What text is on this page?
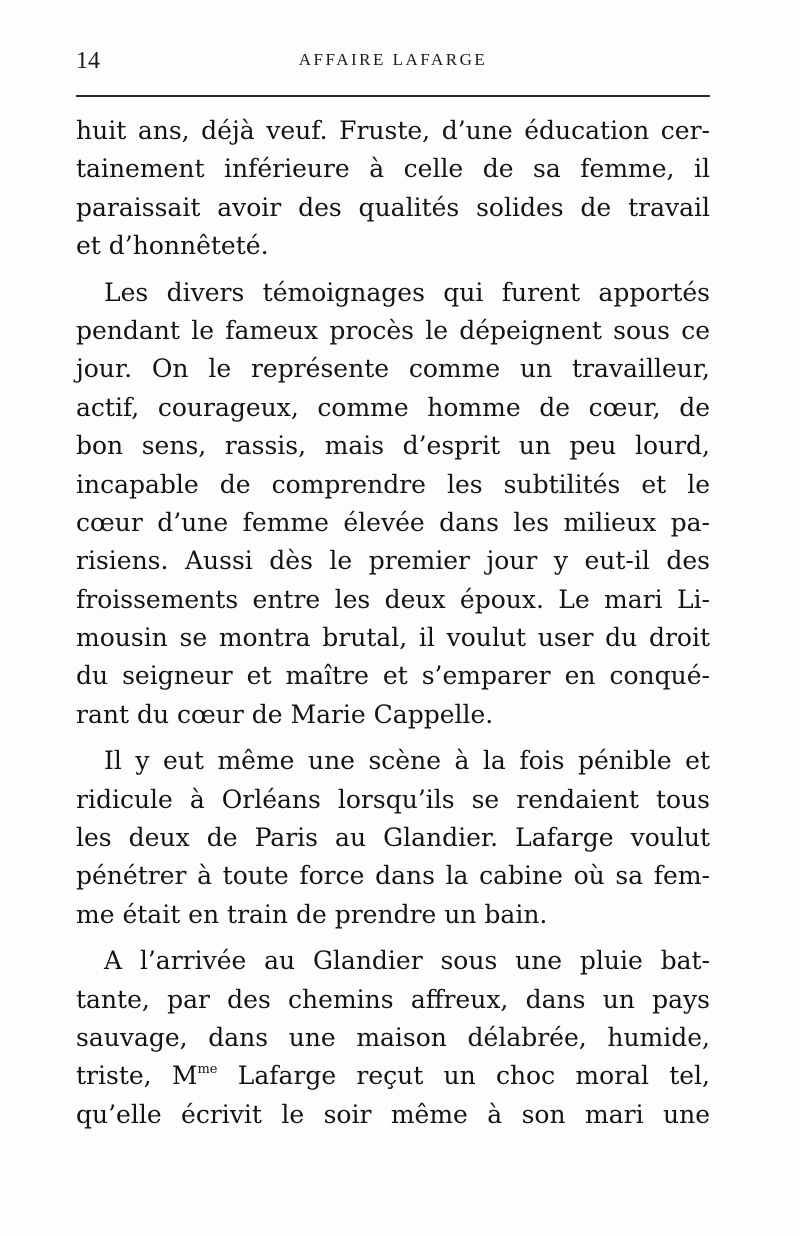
14	AFFAIRE LAFARGE
huit ans, déjà veuf. Fruste, d’une éducation cer-
tainement inférieure à celle de sa femme, il
paraissait avoir des qualités solides de travail
et d’honnêteté.
Les divers témoignages qui furent apportés
pendant le fameux procès le dépeignent sous ce
jour. On le représente comme un travailleur,
actif, courageux, comme homme de cœur, de
bon sens, rassis, mais d’esprit un peu lourd,
incapable de comprendre les subtilités et le
cœur d’une femme élevée dans les milieux pa-
risiens. Aussi dès le premier jour y eut-il des
froissements entre les deux époux. Le mari Li-
mousin se montra brutal, il voulut user du droit
du seigneur et maître et s’emparer en conqué-
rant du cœur de Marie Cappelle.
Il y eut même une scène à la fois pénible et
ridicule à Orléans lorsqu’ils se rendaient tous
les deux de Paris au Glandier. Lafarge voulut
pénétrer à toute force dans la cabine où sa fem-
me était en train de prendre un bain.
A l’arrivée au Glandier sous une pluie bat-
tante, par des chemins affreux, dans un pays
sauvage, dans une maison délabrée, humide,
triste, $M^{me}$ Lafarge reçut un choc moral tel,
qu’elle écrivit le soir même à son mari une
